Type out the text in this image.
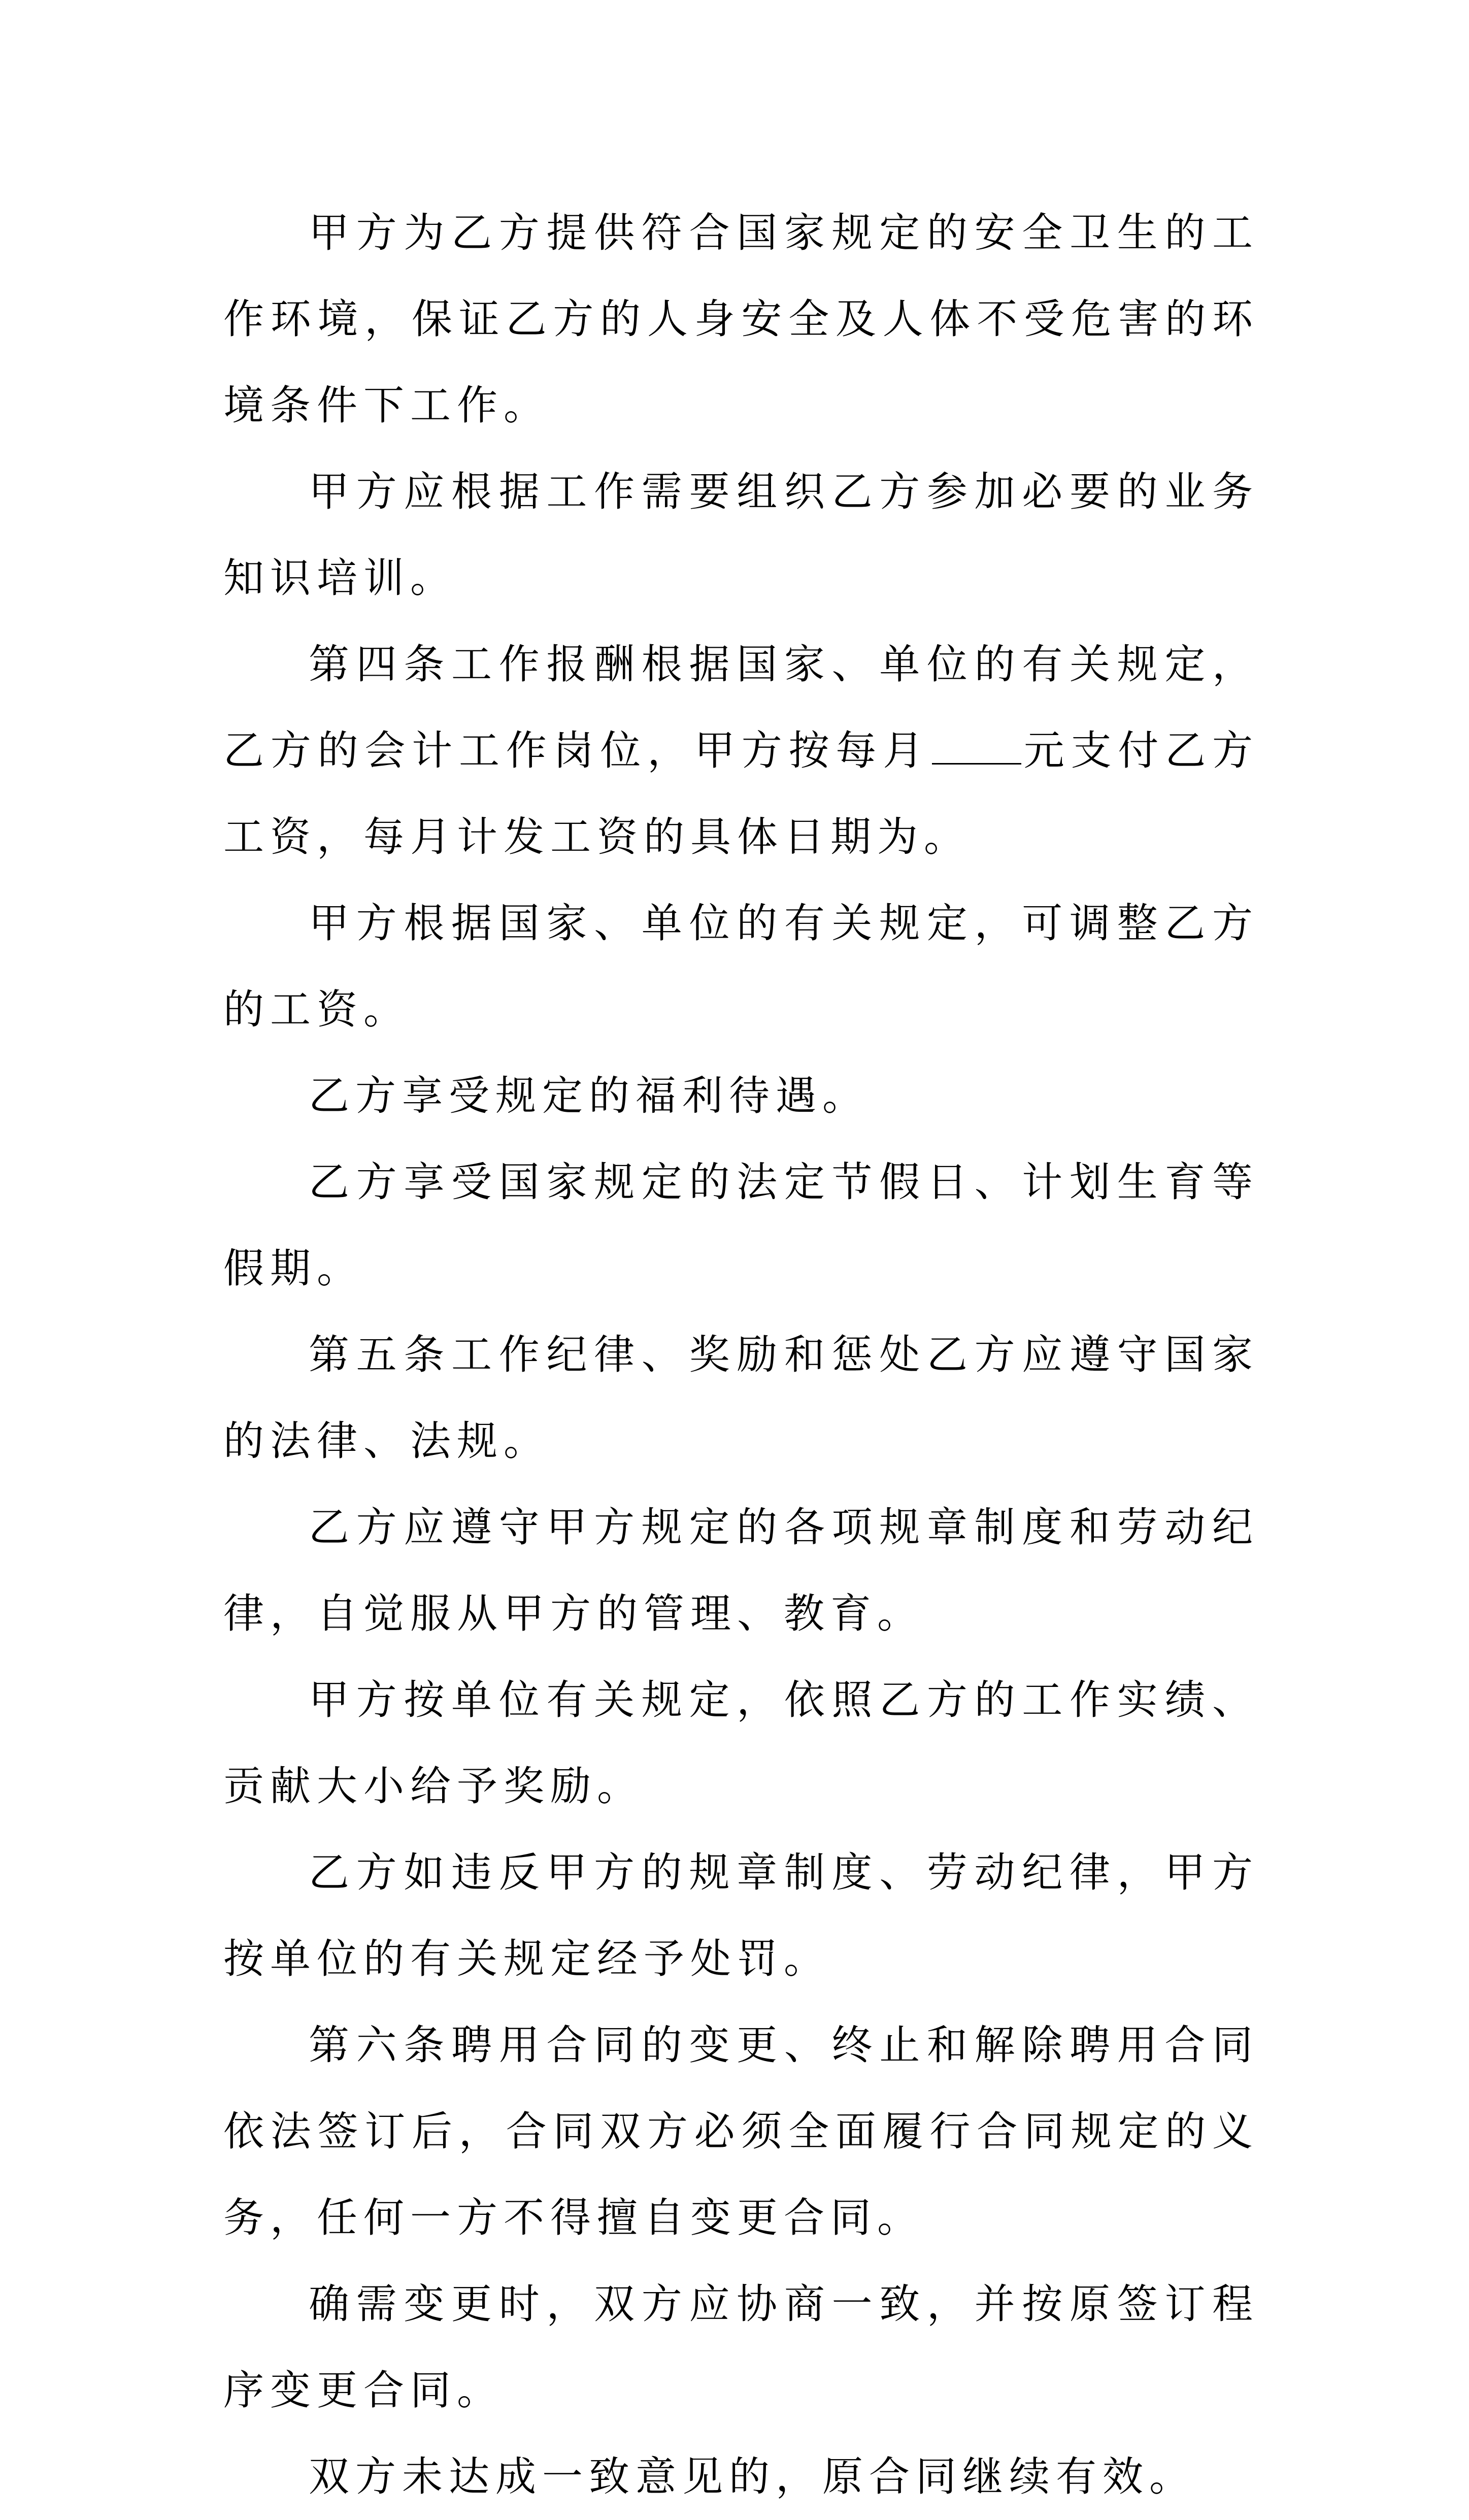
甲方为乙方提供符合国家规定的安全卫生的工作环境，保证乙方的人身安全及人体不受危害的环境条件下工作。

甲方应根据工作需要组织乙方参加必要的业务知识培训。

第四条工作报酬根据国家、单位的有关规定，乙方的会计工作岗位，甲方按每月 元支付乙方工资，每月计发工资的具体日期为。

甲方根据国家、单位的有关规定，可调整乙方的工资。

乙方享受规定的福利待遇。

乙方享受国家规定的法定节假日、计划生育等假期。

第五条工作纪律、奖励和惩处乙方应遵守国家的法律、法规。

乙方应遵守甲方规定的各项规章制度和劳动纪律，自觉服从甲方的管理、教育。

甲方按单位有关规定，依照乙方的工作实绩、贡献大小给予奖励。

乙方如违反甲方的规章制度、劳动纪律，甲方按单位的有关规定经予处罚。

第六条聘用合同的变更、终止和解除聘用合同依法签订后，合同双方必须全面履行合同规定的义务，任何一方不得擅自变更合同。

确需变更时，双方应协商一致，并按原签订程序变更合同。

双方未达成一致意见的，原合同继续有效。
